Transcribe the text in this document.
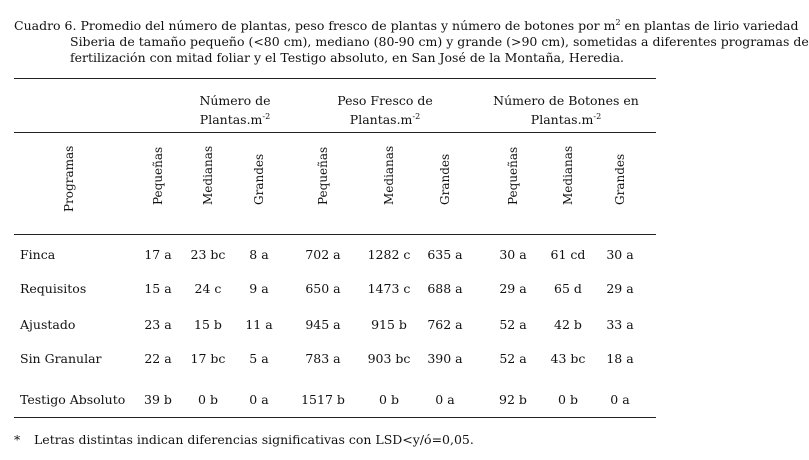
Cuadro 6. Promedio del número de plantas, peso fresco de plantas y número de botones por $m^2$ en plantas de lirio variedad
Siberia de tamaño pequeño (<80 cm), mediano (80-90 cm) y grande (>90 cm), sometidas a diferentes programas de
fertilización con mitad foliar y el Testigo absoluto, en San José de la Montaña, Heredia.
Número de
$Plantas.m^{-2}$
Peso Fresco de
$Plantas.m^{-2}$
Número de Botones en
$Plantas.m^{-2}$
Programas	Pequeñas	Medianas	Grandes	Pequeñas	Medianas	Grandes	Pequeñas	Medianas	Grandes
Finca	17 a	23 bc	8 a	702 a	1282 c	635 a	30 a	61 cd	30 a
Requisitos	15 a	24 c	9 a	650 a	1473 c	688 a	29 a	65 d	29 a
Ajustado	23 a	15 b	11 a	945 a	915 b	762 a	52 a	42 b	33 a
Sin Granular	22 a	17 bc	5 a	783 a	903 bc	390 a	52 a	43 bc	18 a
Testigo Absoluto	39 b	0 b	0 a	1517 b	0 b	0 a	92 b	0 b	0 a
* Letras distintas indican diferencias significativas con LSD<y/ó=0,05.
